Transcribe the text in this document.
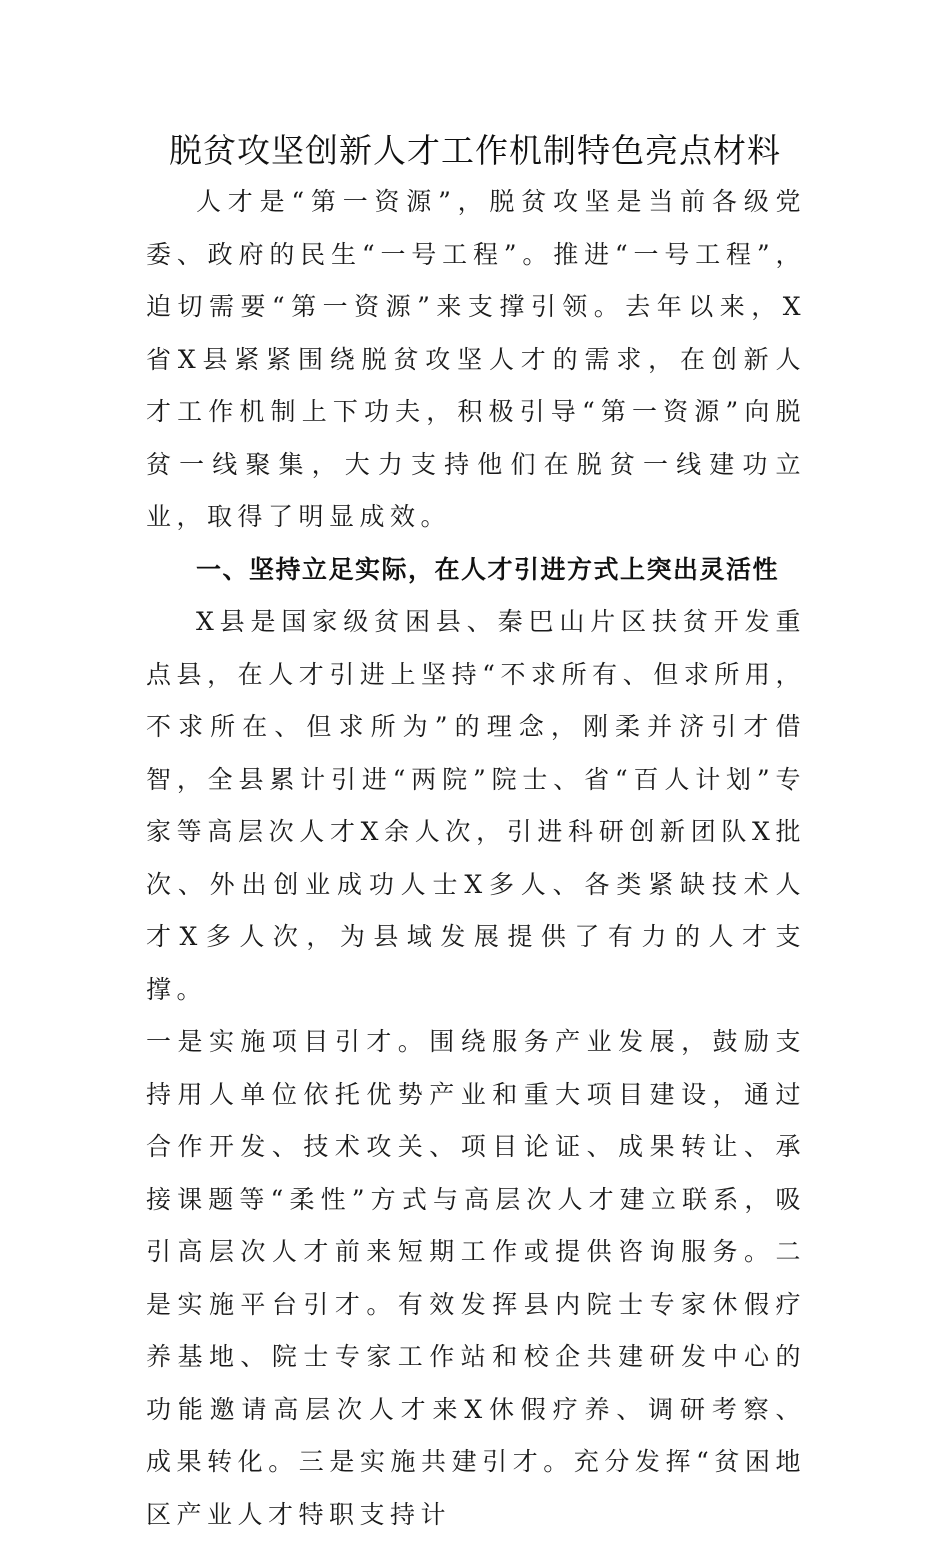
脱贫攻坚创新人才工作机制特色亮点材料

人才是“第一资源”，脱贫攻坚是当前各级党委、政府的民生“一号工程”。推进“一号工程”，迫切需要“第一资源”来支撑引领。去年以来，X省X县紧紧围绕脱贫攻坚人才的需求，在创新人才工作机制上下功夫，积极引导“第一资源”向脱贫一线聚集，大力支持他们在脱贫一线建功立业，取得了明显成效。

一、坚持立足实际，在人才引进方式上突出灵活性

X县是国家级贫困县、秦巴山片区扶贫开发重点县，在人才引进上坚持“不求所有、但求所用，不求所在、但求所为”的理念，刚柔并济引才借智，全县累计引进“两院”院士、省“百人计划”专家等高层次人才X余人次，引进科研创新团队X批次、外出创业成功人士X多人、各类紧缺技术人才X多人次，为县域发展提供了有力的人才支撑。

一是实施项目引才。围绕服务产业发展，鼓励支持用人单位依托优势产业和重大项目建设，通过合作开发、技术攻关、项目论证、成果转让、承接课题等“柔性”方式与高层次人才建立联系，吸引高层次人才前来短期工作或提供咨询服务。二是实施平台引才。有效发挥县内院士专家休假疗养基地、院士专家工作站和校企共建研发中心的功能邀请高层次人才来X休假疗养、调研考察、成果转化。三是实施共建引才。充分发挥“贫困地区产业人才特职支持计
